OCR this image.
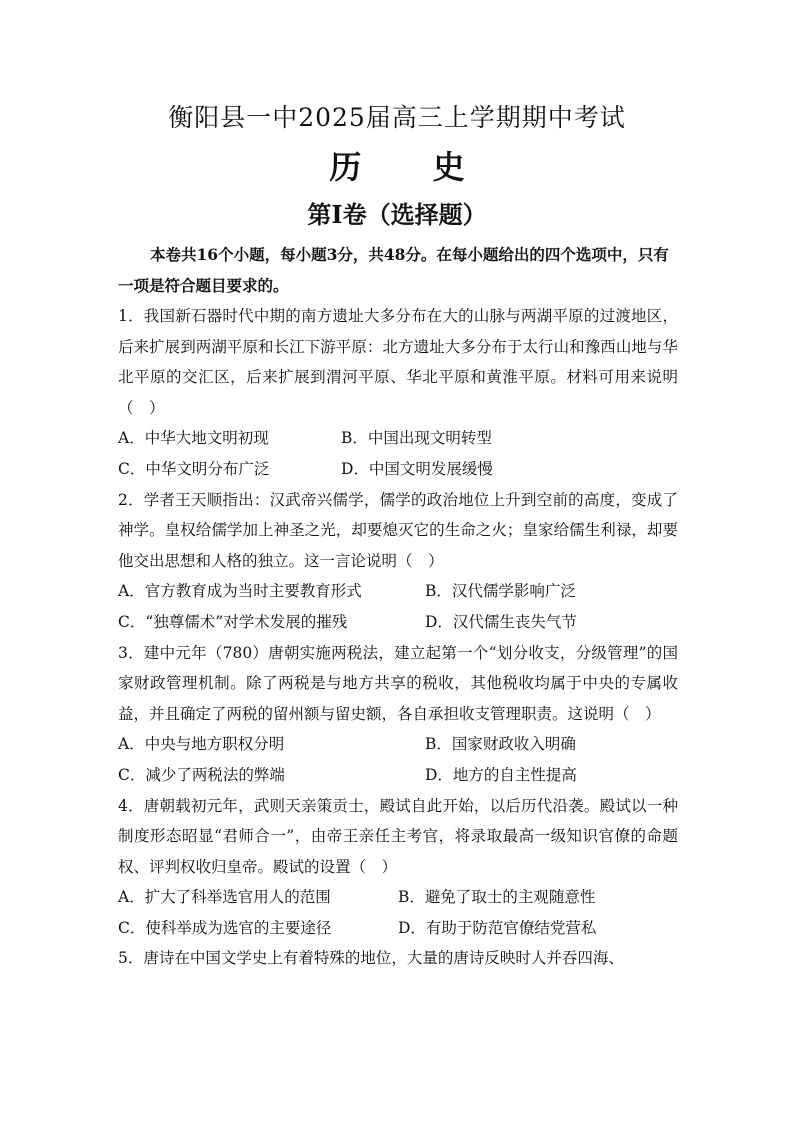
衡阳县一中2025届高三上学期期中考试
历 史
第Ⅰ卷（选择题）
本卷共16个小题，每小题3分，共48分。在每小题给出的四个选项中，只有一项是符合题目要求的。

1．我国新石器时代中期的南方遗址大多分布在大的山脉与两湖平原的过渡地区，后来扩展到两湖平原和长江下游平原：北方遗址大多分布于太行山和豫西山地与华北平原的交汇区，后来扩展到渭河平原、华北平原和黄淮平原。材料可用来说明（　）

A．中华大地文明初现	B．中国出现文明转型
C．中华文明分布广泛	D．中国文明发展缓慢

2．学者王天顺指出：汉武帝兴儒学，儒学的政治地位上升到空前的高度，变成了神学。皇权给儒学加上神圣之光，却要熄灭它的生命之火；皇家给儒生利禄，却要他交出思想和人格的独立。这一言论说明（　）

A．官方教育成为当时主要教育形式	B．汉代儒学影响广泛
C．“独尊儒术”对学术发展的摧残	D．汉代儒生丧失气节

3．建中元年（780）唐朝实施两税法，建立起第一个“划分收支，分级管理”的国家财政管理机制。除了两税是与地方共享的税收，其他税收均属于中央的专属收益，并且确定了两税的留州额与留史额，各自承担收支管理职责。这说明（　）

A．中央与地方职权分明	B．国家财政收入明确
C．减少了两税法的弊端	D．地方的自主性提高

4．唐朝载初元年，武则天亲策贡士，殿试自此开始，以后历代沿袭。殿试以一种制度形态昭显“君师合一”，由帝王亲任主考官，将录取最高一级知识官僚的命题权、评判权收归皇帝。殿试的设置（　）

A．扩大了科举选官用人的范围	B．避免了取士的主观随意性
C．使科举成为选官的主要途径	D．有助于防范官僚结党营私

5．唐诗在中国文学史上有着特殊的地位，大量的唐诗反映时人并吞四海、
